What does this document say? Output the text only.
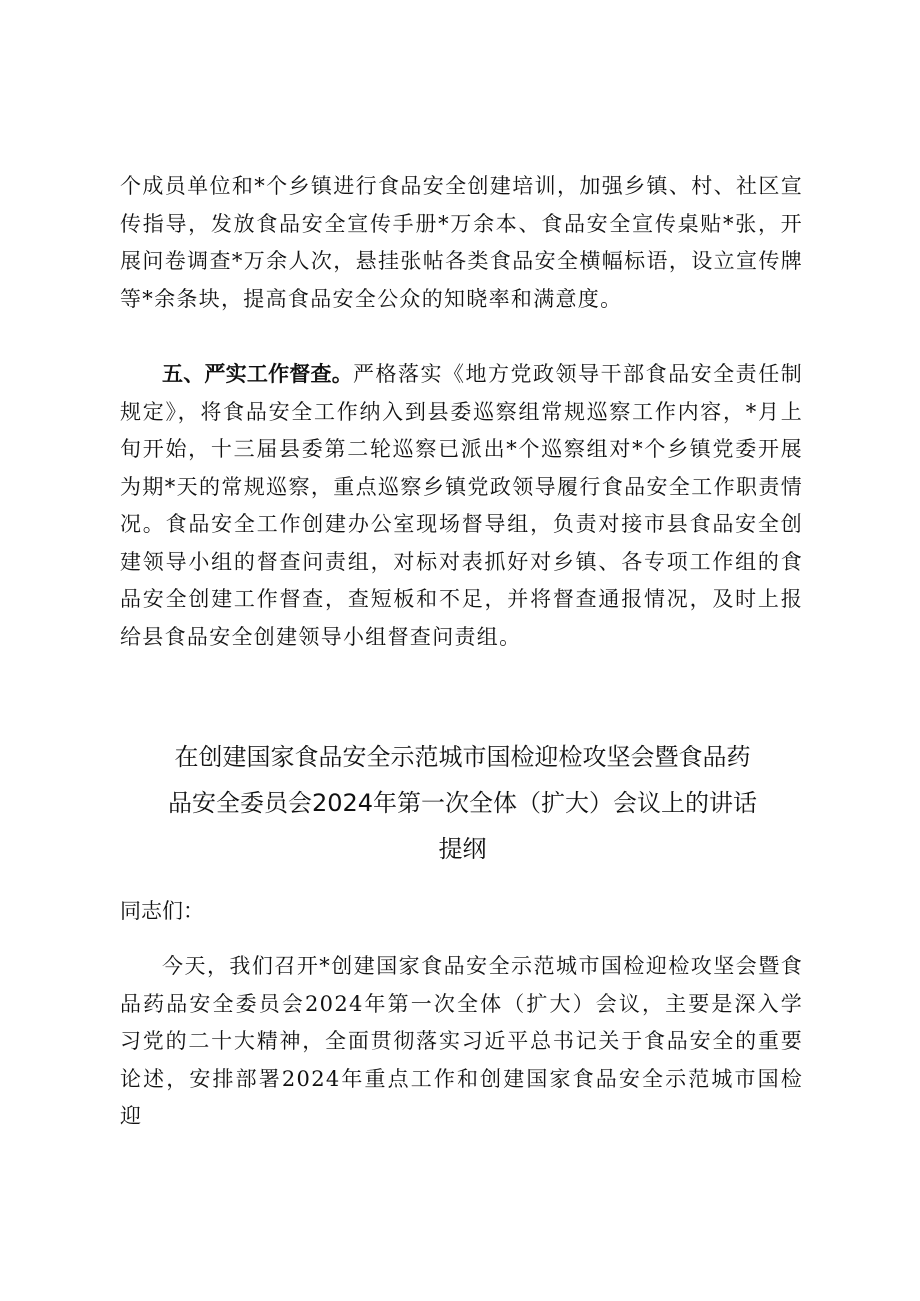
个成员单位和*个乡镇进行食品安全创建培训，加强乡镇、村、社区宣传指导，发放食品安全宣传手册*万余本、食品安全宣传桌贴*张，开展问卷调查*万余人次，悬挂张帖各类食品安全横幅标语，设立宣传牌等*余条块，提高食品安全公众的知晓率和满意度。

五、严实工作督查。严格落实《地方党政领导干部食品安全责任制规定》，将食品安全工作纳入到县委巡察组常规巡察工作内容，*月上旬开始，十三届县委第二轮巡察已派出*个巡察组对*个乡镇党委开展为期*天的常规巡察，重点巡察乡镇党政领导履行食品安全工作职责情况。食品安全工作创建办公室现场督导组，负责对接市县食品安全创建领导小组的督查问责组，对标对表抓好对乡镇、各专项工作组的食品安全创建工作督查，查短板和不足，并将督查通报情况，及时上报给县食品安全创建领导小组督查问责组。

在创建国家食品安全示范城市国检迎检攻坚会暨食品药
品安全委员会2024年第一次全体（扩大）会议上的讲话
提纲

同志们：

今天，我们召开*创建国家食品安全示范城市国检迎检攻坚会暨食品药品安全委员会2024年第一次全体（扩大）会议，主要是深入学习党的二十大精神，全面贯彻落实习近平总书记关于食品安全的重要论述，安排部署2024年重点工作和创建国家食品安全示范城市国检迎
